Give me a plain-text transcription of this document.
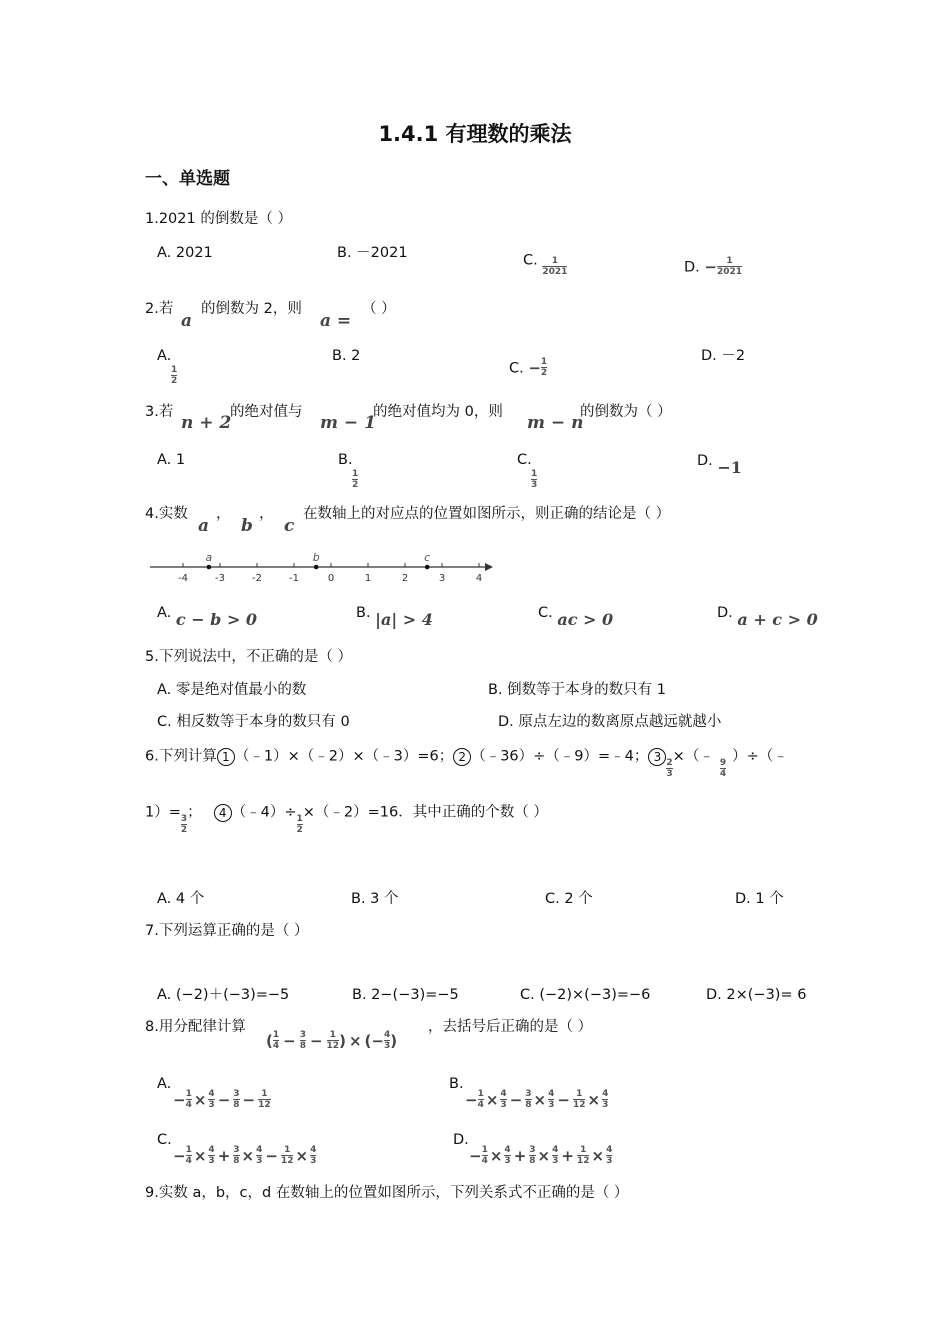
1.4.1 有理数的乘法
一、单选题
1.2021 的倒数是（ ）
A. 2021	B. －2021	C. $\frac{1}{2021}$	D. − $\frac{1}{2021}$
2.若
a
的倒数为 2，则
a =
（ ）
A.

$\frac{1}{2}$
B. 2
C. − $\frac{1}{2}$
D. －2
3.若
n + 2
的绝对值与
m − 1
的绝对值均为 0，则
m − n
的倒数为（ ）
A. 1	B.

$\frac{1}{2}$
C.

$\frac{1}{3}$
D. −1
4.实数
a
，
b
，
c
在数轴上的对应点的位置如图所示，则正确的结论是（ ）
-4	-3	-2	-1	0	1	2	3	4
a	b	c
A. c − b > 0	B. |a| > 4	C. ac > 0	D. a + c > 0
5.下列说法中，不正确的是（ ）
A. 零是绝对值最小的数	B. 倒数等于本身的数只有 1
C. 相反数等于本身的数只有 0	D. 原点左边的数离原点越远就越小
6.下列计算 1 （﹣1）×（﹣2）×（﹣3）=6； 2 （﹣36）÷（﹣9）=﹣4； 3
$\frac{2}{3}$
×（﹣
$\frac{9}{4}$
）÷（﹣
1）=
$\frac{3}{2}$
； 4 （﹣4）÷
$\frac{1}{2}$
×（﹣2）=16．其中正确的个数（ ）
A. 4 个	B. 3 个	C. 2 个	D. 1 个
7.下列运算正确的是（ ）
A. (−2)＋(−3)=−5	B. 2−(−3)=−5	C. (−2)×(−3)=−6	D. 2×(−3)= 6
8.用分配律计算
( $\frac{1}{4} - \frac{3}{8} - \frac{1}{12}$ ) × (− $\frac{4}{3}$ )
，去括号后正确的是（ ）
A.
− $\frac{1}{4} \times \frac{4}{3} - \frac{3}{8} - \frac{1}{12}$
B.
− $\frac{1}{4} \times \frac{4}{3} - \frac{3}{8} \times \frac{4}{3} - \frac{1}{12} \times \frac{4}{3}$
C.
− $\frac{1}{4} \times \frac{4}{3} + \frac{3}{8} \times \frac{4}{3} - \frac{1}{12} \times \frac{4}{3}$
D.
− $\frac{1}{4} \times \frac{4}{3} + \frac{3}{8} \times \frac{4}{3} + \frac{1}{12} \times \frac{4}{3}$
9.实数 a，b，c，d 在数轴上的位置如图所示，下列关系式不正确的是（ ）
